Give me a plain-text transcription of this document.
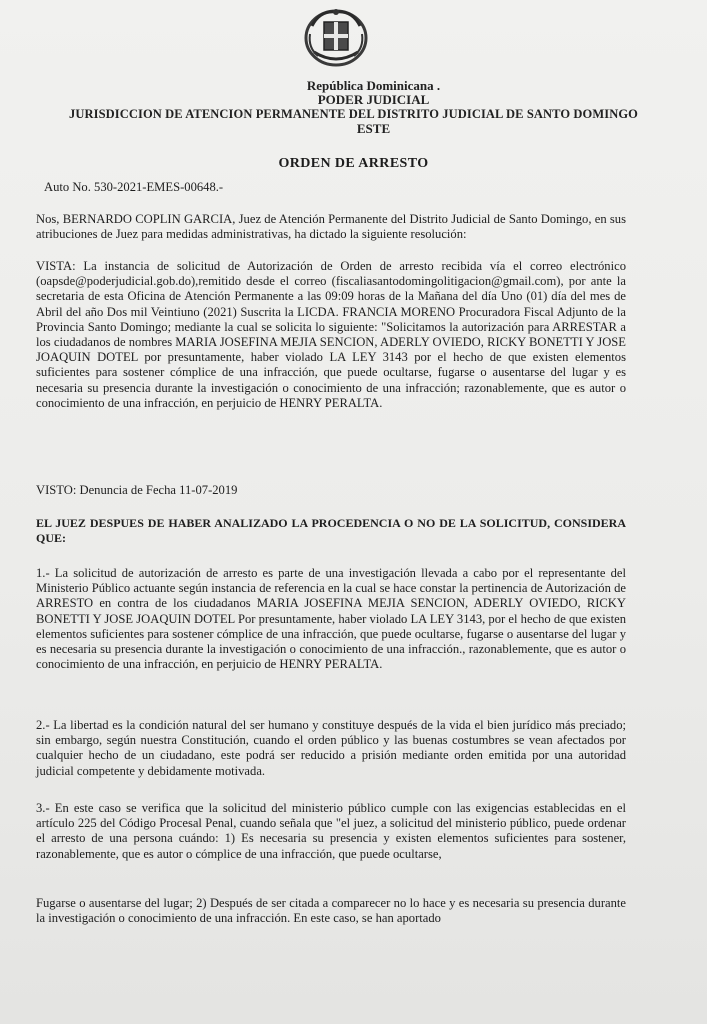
República Dominicana .
PODER JUDICIAL
JURISDICCION DE ATENCION PERMANENTE DEL DISTRITO JUDICIAL DE SANTO DOMINGO
ESTE
ORDEN DE ARRESTO
Auto No. 530-2021-EMES-00648.-
Nos, BERNARDO COPLIN GARCIA, Juez de Atención Permanente del Distrito Judicial de Santo Domingo, en sus atribuciones de Juez para medidas administrativas, ha dictado la siguiente resolución:
VISTA: La instancia de solicitud de Autorización de Orden de arresto recibida vía el correo electrónico (oapsde@poderjudicial.gob.do),remitido desde el correo (fiscaliasantodomingolitigacion@gmail.com), por ante la secretaria de esta Oficina de Atención Permanente a las 09:09 horas de la Mañana del día Uno (01) día del mes de Abril del año Dos mil Veintiuno (2021) Suscrita la LICDA. FRANCIA MORENO Procuradora Fiscal Adjunto de la Provincia Santo Domingo; mediante la cual se solicita lo siguiente: "Solicitamos la autorización para ARRESTAR a los ciudadanos de nombres MARIA JOSEFINA MEJIA SENCION, ADERLY OVIEDO, RICKY BONETTI Y JOSE JOAQUIN DOTEL por presuntamente, haber violado LA LEY 3143 por el hecho de que existen elementos suficientes para sostener cómplice de una infracción, que puede ocultarse, fugarse o ausentarse del lugar y es necesaria su presencia durante la investigación o conocimiento de una infracción; razonablemente, que es autor o conocimiento de una infracción, en perjuicio de HENRY PERALTA.
VISTO: Denuncia de Fecha 11-07-2019
EL JUEZ DESPUES DE HABER ANALIZADO LA PROCEDENCIA O NO DE LA SOLICITUD, CONSIDERA QUE:
1.- La solicitud de autorización de arresto es parte de una investigación llevada a cabo por el representante del Ministerio Público actuante según instancia de referencia en la cual se hace constar la pertinencia de Autorización de ARRESTO en contra de los ciudadanos MARIA JOSEFINA MEJIA SENCION, ADERLY OVIEDO, RICKY BONETTI Y JOSE JOAQUIN DOTEL Por presuntamente, haber violado LA LEY 3143, por el hecho de que existen elementos suficientes para sostener cómplice de una infracción, que puede ocultarse, fugarse o ausentarse del lugar y es necesaria su presencia durante la investigación o conocimiento de una infracción., razonablemente, que es autor o conocimiento de una infracción, en perjuicio de HENRY PERALTA.
2.- La libertad es la condición natural del ser humano y constituye después de la vida el bien jurídico más preciado; sin embargo, según nuestra Constitución, cuando el orden público y las buenas costumbres se vean afectados por cualquier hecho de un ciudadano, este podrá ser reducido a prisión mediante orden emitida por una autoridad judicial competente y debidamente motivada.
3.- En este caso se verifica que la solicitud del ministerio público cumple con las exigencias establecidas en el artículo 225 del Código Procesal Penal, cuando señala que "el juez, a solicitud del ministerio público, puede ordenar el arresto de una persona cuándo: 1) Es necesaria su presencia y existen elementos suficientes para sostener, razonablemente, que es autor o cómplice de una infracción, que puede ocultarse,
Fugarse o ausentarse del lugar; 2) Después de ser citada a comparecer no lo hace y es necesaria su presencia durante la investigación o conocimiento de una infracción. En este caso, se han aportado
